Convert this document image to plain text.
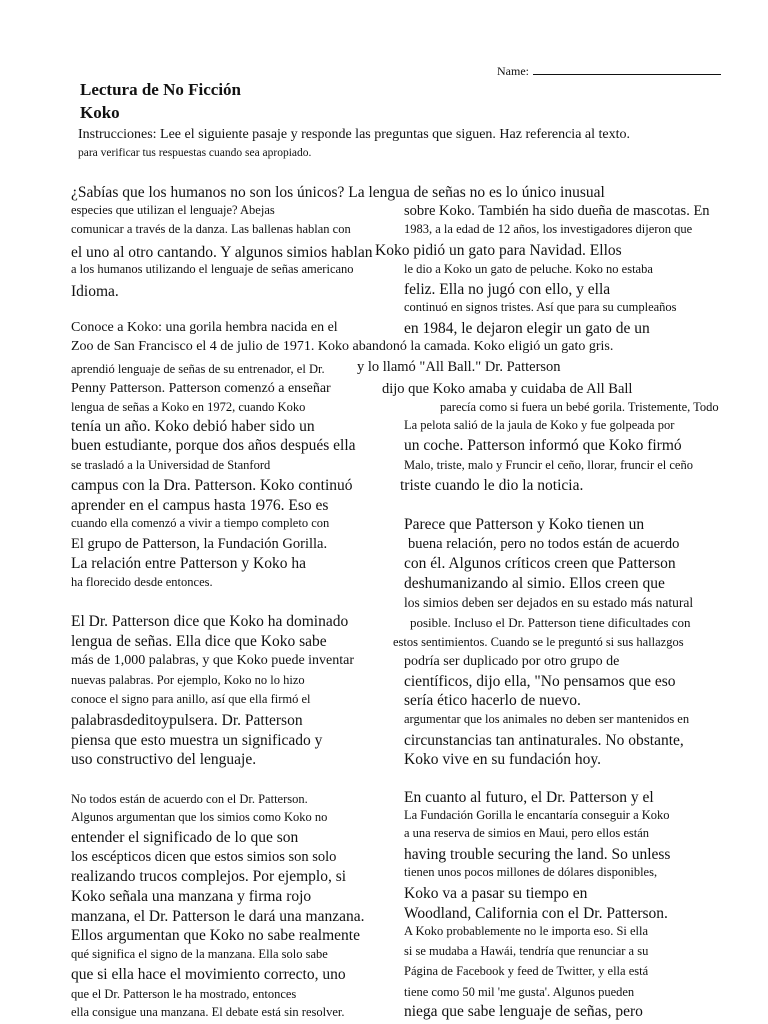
Name:
Lectura de No Ficción
Koko
Instrucciones: Lee el siguiente pasaje y responde las preguntas que siguen. Haz referencia al texto.
para verificar tus respuestas cuando sea apropiado.
¿Sabías que los humanos no son los únicos? La lengua de señas no es lo único inusual
especies que utilizan el lenguaje? Abejas
comunicar a través de la danza. Las ballenas hablan con
el uno al otro cantando. Y algunos simios hablan
a los humanos utilizando el lenguaje de señas americano
Idioma.
Conoce a Koko: una gorila hembra nacida en el
Zoo de San Francisco el 4 de julio de 1971. Koko abandonó la camada. Koko eligió un gato gris.
aprendió lenguaje de señas de su entrenador, el Dr.
Penny Patterson. Patterson comenzó a enseñar
lengua de señas a Koko en 1972, cuando Koko
tenía un año. Koko debió haber sido un
buen estudiante, porque dos años después ella
se trasladó a la Universidad de Stanford
campus con la Dra. Patterson. Koko continuó
aprender en el campus hasta 1976. Eso es
cuando ella comenzó a vivir a tiempo completo con
El grupo de Patterson, la Fundación Gorilla.
La relación entre Patterson y Koko ha
ha florecido desde entonces.
El Dr. Patterson dice que Koko ha dominado
lengua de señas. Ella dice que Koko sabe
más de 1,000 palabras, y que Koko puede inventar
nuevas palabras. Por ejemplo, Koko no lo hizo
conoce el signo para anillo, así que ella firmó el
palabrasdeditoypulsera. Dr. Patterson
piensa que esto muestra un significado y
uso constructivo del lenguaje.
No todos están de acuerdo con el Dr. Patterson.
Algunos argumentan que los simios como Koko no
entender el significado de lo que son
los escépticos dicen que estos simios son solo
realizando trucos complejos. Por ejemplo, si
Koko señala una manzana y firma rojo
manzana, el Dr. Patterson le dará una manzana.
Ellos argumentan que Koko no sabe realmente
qué significa el signo de la manzana. Ella solo sabe
que si ella hace el movimiento correcto, uno
que el Dr. Patterson le ha mostrado, entonces
ella consigue una manzana. El debate está sin resolver.
sobre Koko. También ha sido dueña de mascotas. En
1983, a la edad de 12 años, los investigadores dijeron que
Koko pidió un gato para Navidad. Ellos
le dio a Koko un gato de peluche. Koko no estaba
feliz. Ella no jugó con ello, y ella
continuó en signos tristes. Así que para su cumpleaños
en 1984, le dejaron elegir un gato de un
y lo llamó "All Ball." Dr. Patterson
dijo que Koko amaba y cuidaba de All Ball
parecía como si fuera un bebé gorila. Tristemente, Todo
La pelota salió de la jaula de Koko y fue golpeada por
un coche. Patterson informó que Koko firmó
Malo, triste, malo y Fruncir el ceño, llorar, fruncir el ceño
triste cuando le dio la noticia.
Parece que Patterson y Koko tienen un
buena relación, pero no todos están de acuerdo
con él. Algunos críticos creen que Patterson
deshumanizando al simio. Ellos creen que
los simios deben ser dejados en su estado más natural
posible. Incluso el Dr. Patterson tiene dificultades con
estos sentimientos. Cuando se le preguntó si sus hallazgos
podría ser duplicado por otro grupo de
científicos, dijo ella, "No pensamos que eso
sería ético hacerlo de nuevo.
argumentar que los animales no deben ser mantenidos en
circunstancias tan antinaturales. No obstante,
Koko vive en su fundación hoy.
En cuanto al futuro, el Dr. Patterson y el
La Fundación Gorilla le encantaría conseguir a Koko
a una reserva de simios en Maui, pero ellos están
having trouble securing the land. So unless
tienen unos pocos millones de dólares disponibles,
Koko va a pasar su tiempo en
Woodland, California con el Dr. Patterson.
A Koko probablemente no le importa eso. Si ella
si se mudaba a Hawái, tendría que renunciar a su
Página de Facebook y feed de Twitter, y ella está
tiene como 50 mil 'me gusta'. Algunos pueden
niega que sabe lenguaje de señas, pero
